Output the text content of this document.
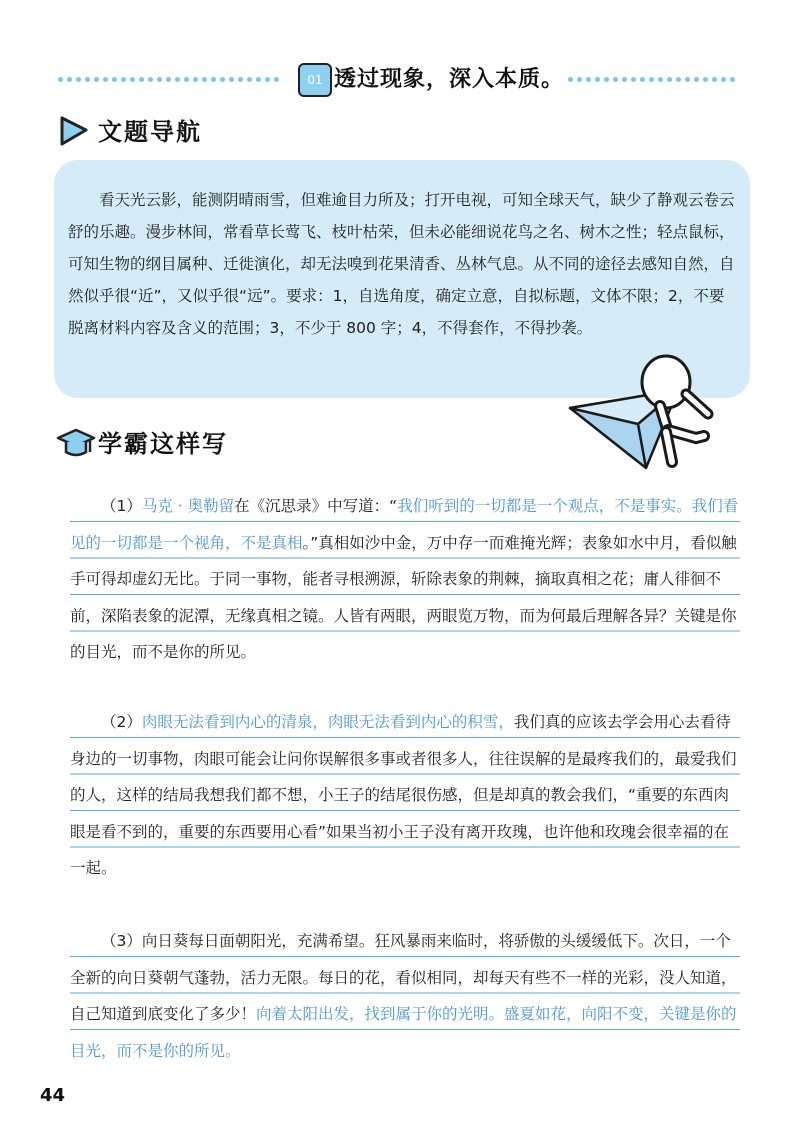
01 透过现象，深入本质。
文题导航
看天光云影，能测阴晴雨雪，但难逾目力所及；打开电视，可知全球天气，缺少了静观云卷云舒的乐趣。漫步林间，常看草长莺飞、枝叶枯荣，但未必能细说花鸟之名、树木之性；轻点鼠标，可知生物的纲目属种、迁徙演化，却无法嗅到花果清香、丛林气息。从不同的途径去感知自然，自然似乎很“近”，又似乎很“远”。要求：1，自选角度，确定立意，自拟标题，文体不限；2，不要脱离材料内容及含义的范围；3，不少于 800 字；4，不得套作，不得抄袭。
学霸这样写
（1）马克 · 奥勒留在《沉思录》中写道：“我们听到的一切都是一个观点，不是事实。我们看见的一切都是一个视角，不是真相。”真相如沙中金，万中存一而难掩光辉；表象如水中月，看似触手可得却虚幻无比。于同一事物，能者寻根溯源，斩除表象的荆棘，摘取真相之花；庸人徘徊不前，深陷表象的泥潭，无缘真相之镜。人皆有两眼，两眼览万物，而为何最后理解各异？关键是你的目光，而不是你的所见。
（2）肉眼无法看到内心的清泉，肉眼无法看到内心的积雪，我们真的应该去学会用心去看待身边的一切事物，肉眼可能会让问你误解很多事或者很多人，往往误解的是最疼我们的，最爱我们的人，这样的结局我想我们都不想，小王子的结尾很伤感，但是却真的教会我们，“重要的东西肉眼是看不到的，重要的东西要用心看”如果当初小王子没有离开玫瑰，也许他和玫瑰会很幸福的在一起。
（3）向日葵每日面朝阳光，充满希望。狂风暴雨来临时，将骄傲的头缓缓低下。次日，一个全新的向日葵朝气蓬勃，活力无限。每日的花，看似相同，却每天有些不一样的光彩，没人知道，自己知道到底变化了多少！向着太阳出发，找到属于你的光明。盛夏如花，向阳不变，关键是你的目光，而不是你的所见。
44
